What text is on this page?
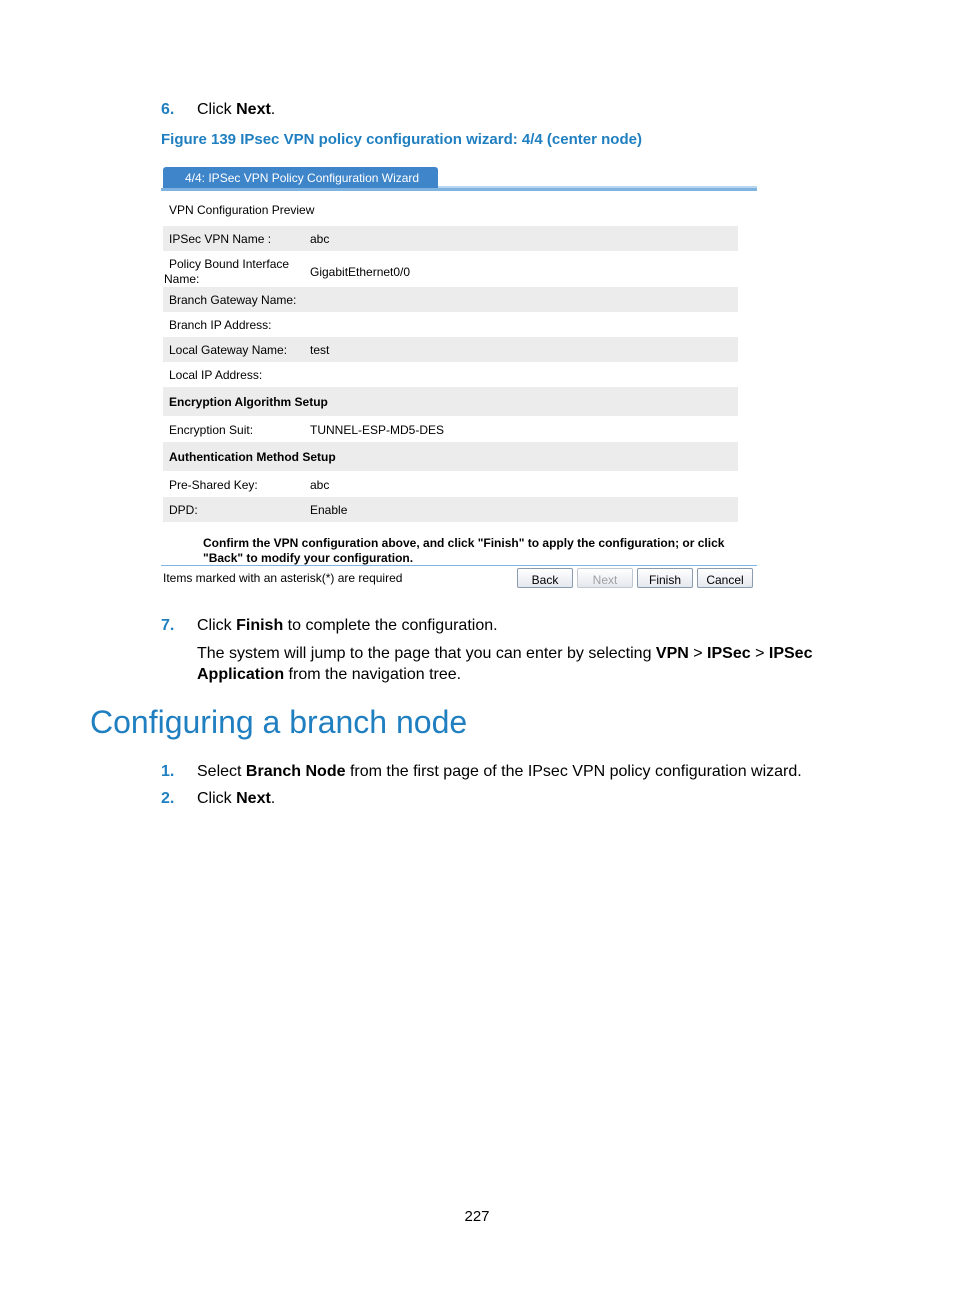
6. Click Next.
Figure 139 IPsec VPN policy configuration wizard: 4/4 (center node)
4/4: IPSec VPN Policy Configuration Wizard
VPN Configuration Preview
IPSec VPN Name :	abc
Policy Bound Interface
Name:	GigabitEthernet0/0
Branch Gateway Name:
Branch IP Address:
Local Gateway Name: test
Local IP Address:
Encryption Algorithm Setup
Encryption Suit:	TUNNEL-ESP-MD5-DES
Authentication Method Setup
Pre-Shared Key:	abc
DPD:	Enable
Confirm the VPN configuration above, and click "Finish" to apply the configuration; or click "Back" to modify your configuration.
Items marked with an asterisk(*) are required	Back	Next	Finish	Cancel
7. Click Finish to complete the configuration.
The system will jump to the page that you can enter by selecting VPN > IPSec > IPSec Application from the navigation tree.
Configuring a branch node
1. Select Branch Node from the first page of the IPsec VPN policy configuration wizard.
2. Click Next.
227
